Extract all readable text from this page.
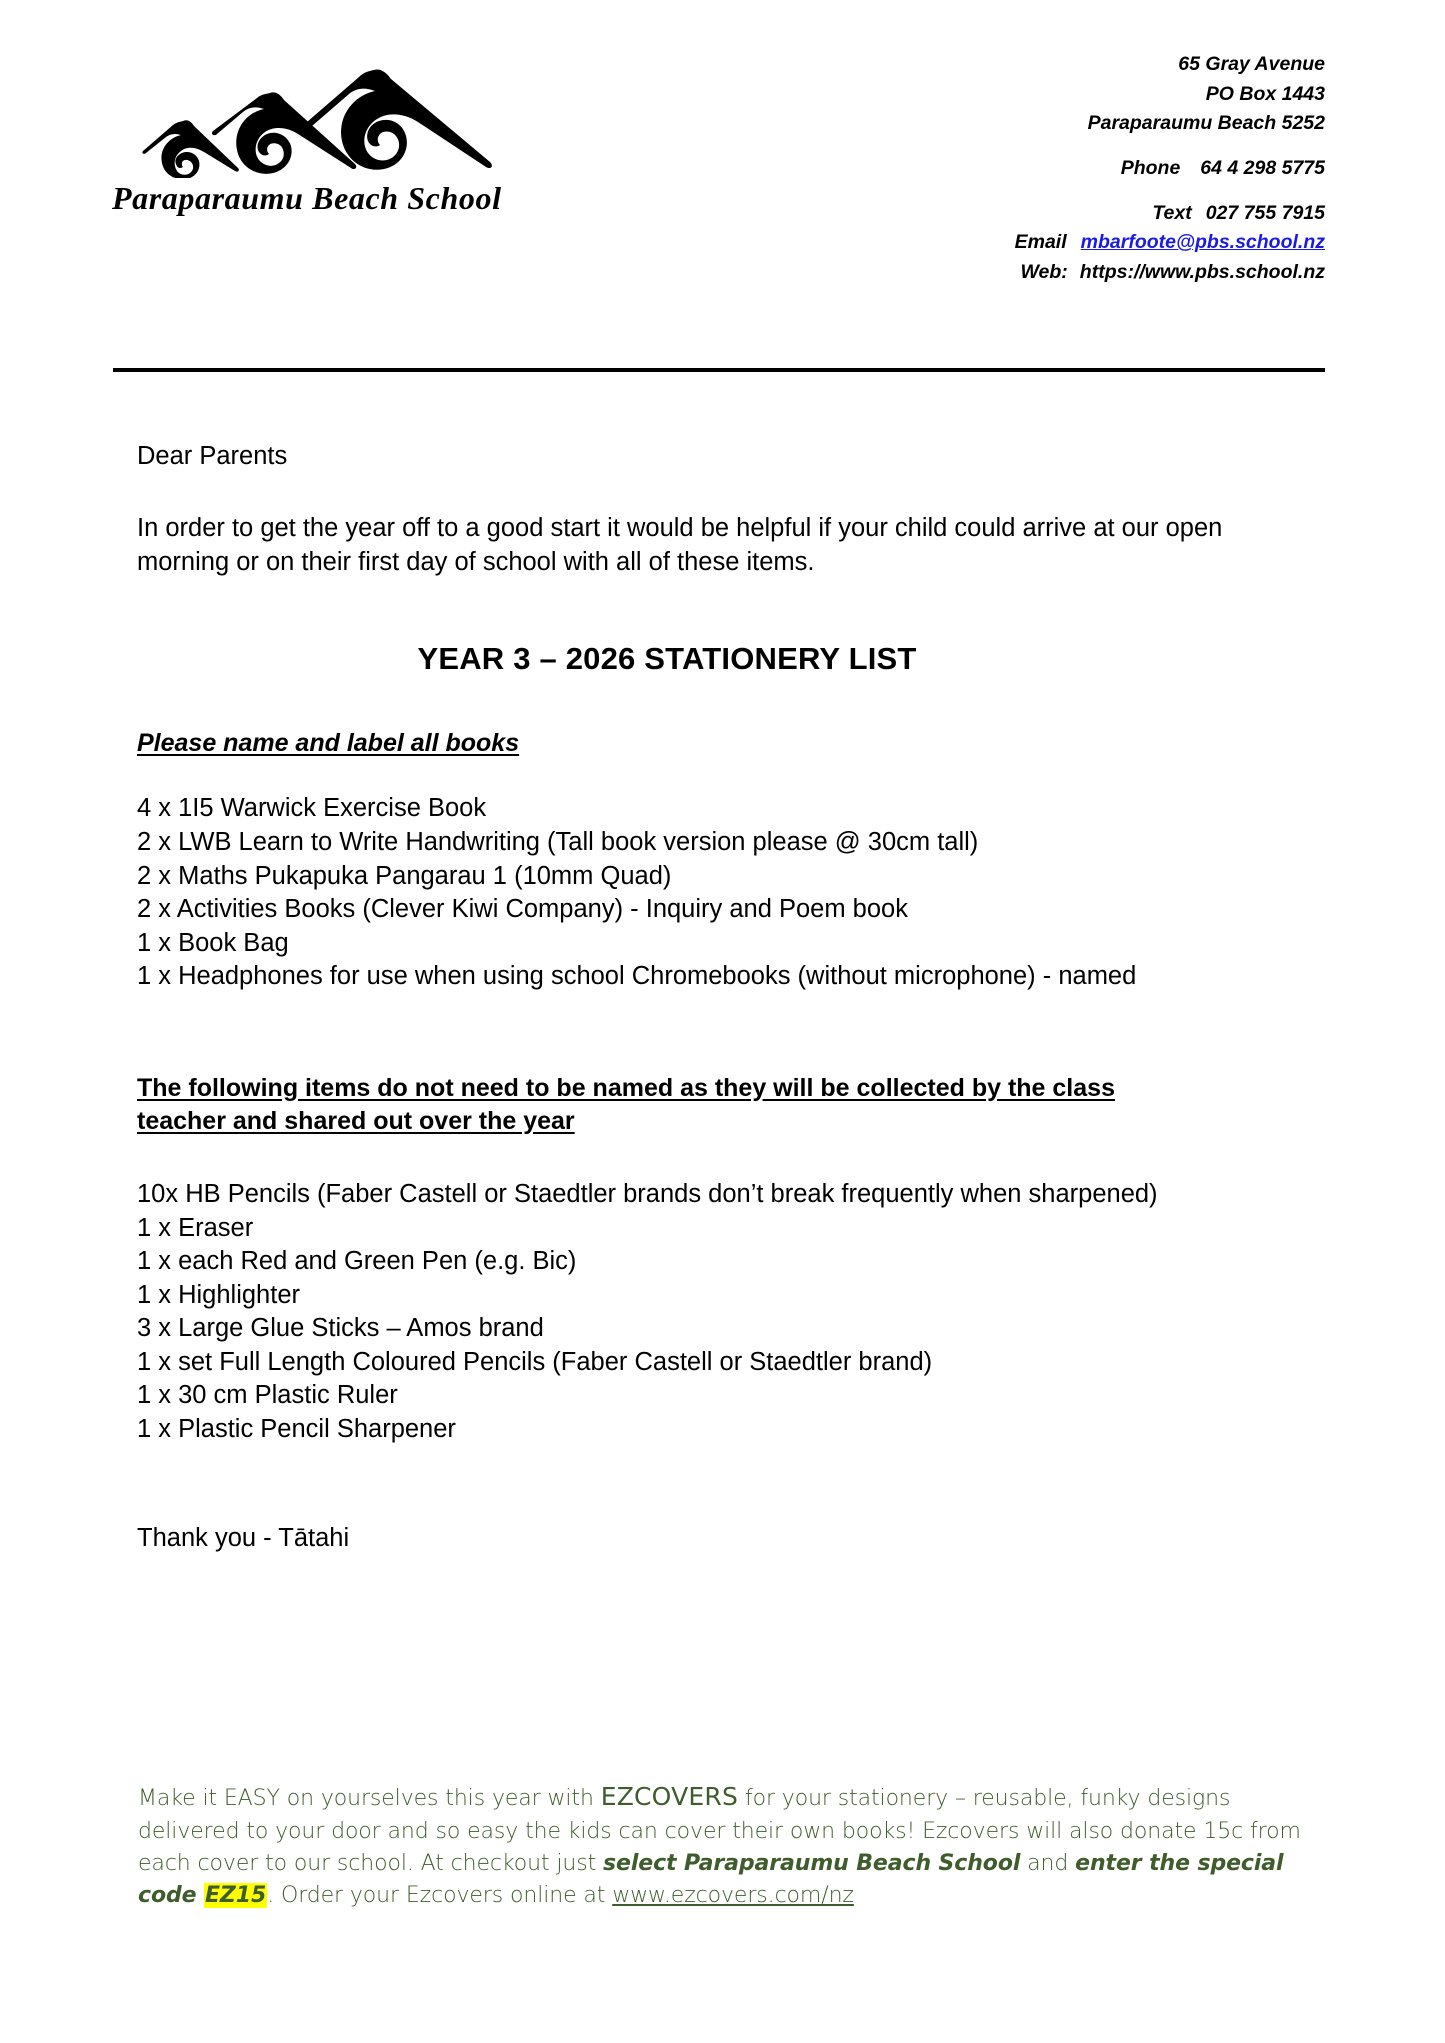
Paraparaumu Beach School
65 Gray Avenue
PO Box 1443
Paraparaumu Beach 5252
Phone 64 4 298 5775
Text 027 755 7915
Email mbarfoote@pbs.school.nz
Web: https://www.pbs.school.nz

Dear Parents

In order to get the year off to a good start it would be helpful if your child could arrive at our open morning or on their first day of school with all of these items.

YEAR 3 – 2026 STATIONERY LIST

Please name and label all books

4 x 1I5 Warwick Exercise Book
2 x LWB Learn to Write Handwriting (Tall book version please @ 30cm tall)
2 x Maths Pukapuka Pangarau 1 (10mm Quad)
2 x Activities Books (Clever Kiwi Company) - Inquiry and Poem book
1 x Book Bag
1 x Headphones for use when using school Chromebooks (without microphone) - named

The following items do not need to be named as they will be collected by the class teacher and shared out over the year

10x HB Pencils (Faber Castell or Staedtler brands don’t break frequently when sharpened)
1 x Eraser
1 x each Red and Green Pen (e.g. Bic)
1 x Highlighter
3 x Large Glue Sticks – Amos brand
1 x set Full Length Coloured Pencils (Faber Castell or Staedtler brand)
1 x 30 cm Plastic Ruler
1 x Plastic Pencil Sharpener

Thank you - Tātahi

Make it EASY on yourselves this year with EZCOVERS for your stationery – reusable, funky designs delivered to your door and so easy the kids can cover their own books! Ezcovers will also donate 15c from each cover to our school. At checkout just select Paraparaumu Beach School and enter the special code EZ15. Order your Ezcovers online at www.ezcovers.com/nz
